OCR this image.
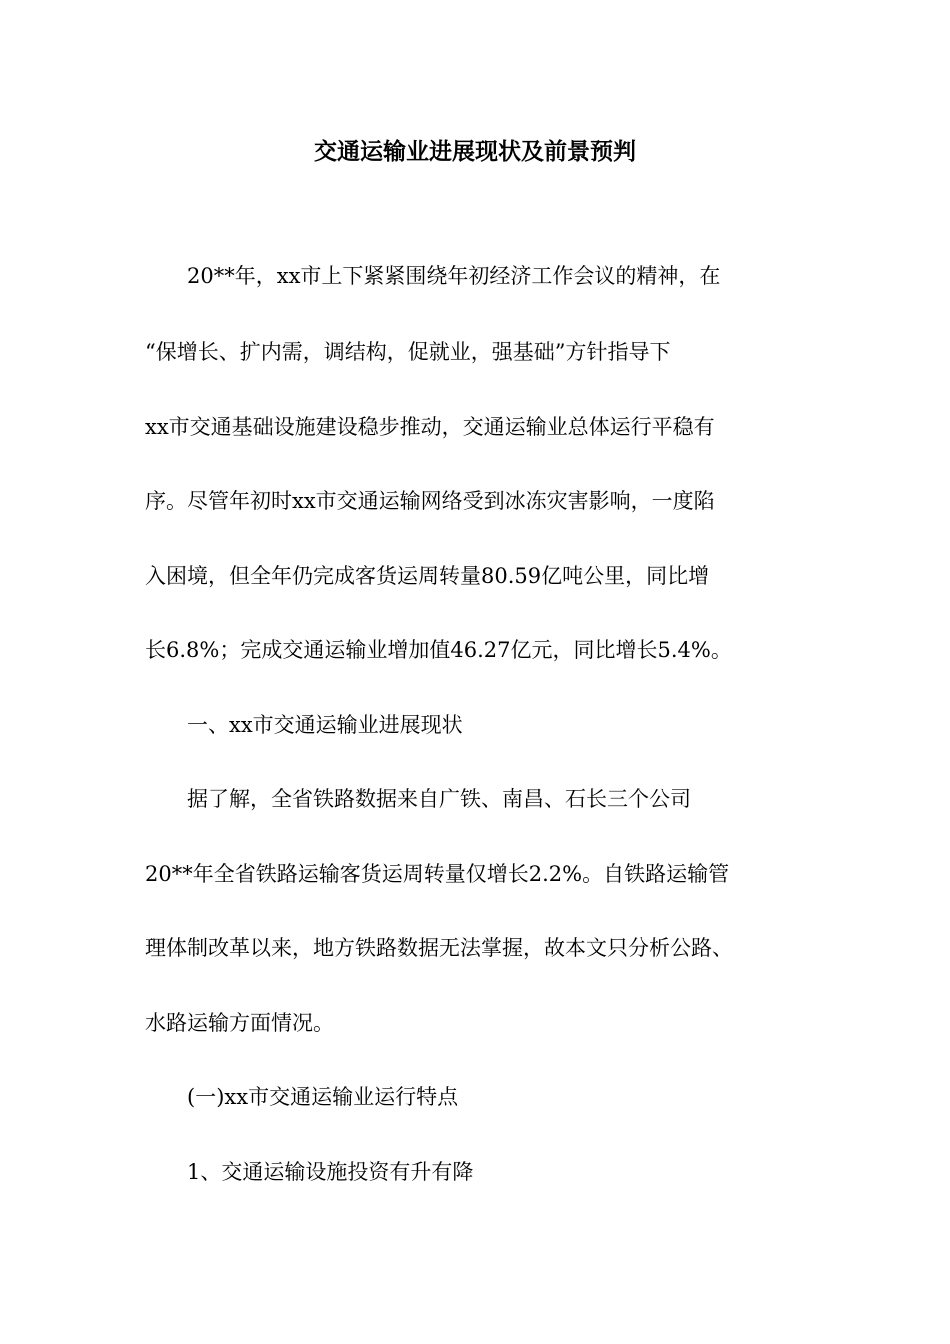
交通运输业进展现状及前景预判

　　20**年，xx市上下紧紧围绕年初经济工作会议的精神，在

“保增长、扩内需，调结构，促就业，强基础”方针指导下

xx市交通基础设施建设稳步推动，交通运输业总体运行平稳有

序。尽管年初时xx市交通运输网络受到冰冻灾害影响，一度陷

入困境，但全年仍完成客货运周转量80.59亿吨公里，同比增

长6.8%；完成交通运输业增加值46.27亿元，同比增长5.4%。

　　一、xx市交通运输业进展现状

　　据了解，全省铁路数据来自广铁、南昌、石长三个公司

20**年全省铁路运输客货运周转量仅增长2.2%。自铁路运输管

理体制改革以来，地方铁路数据无法掌握，故本文只分析公路、

水路运输方面情况。

　　(一)xx市交通运输业运行特点

　　1、交通运输设施投资有升有降
